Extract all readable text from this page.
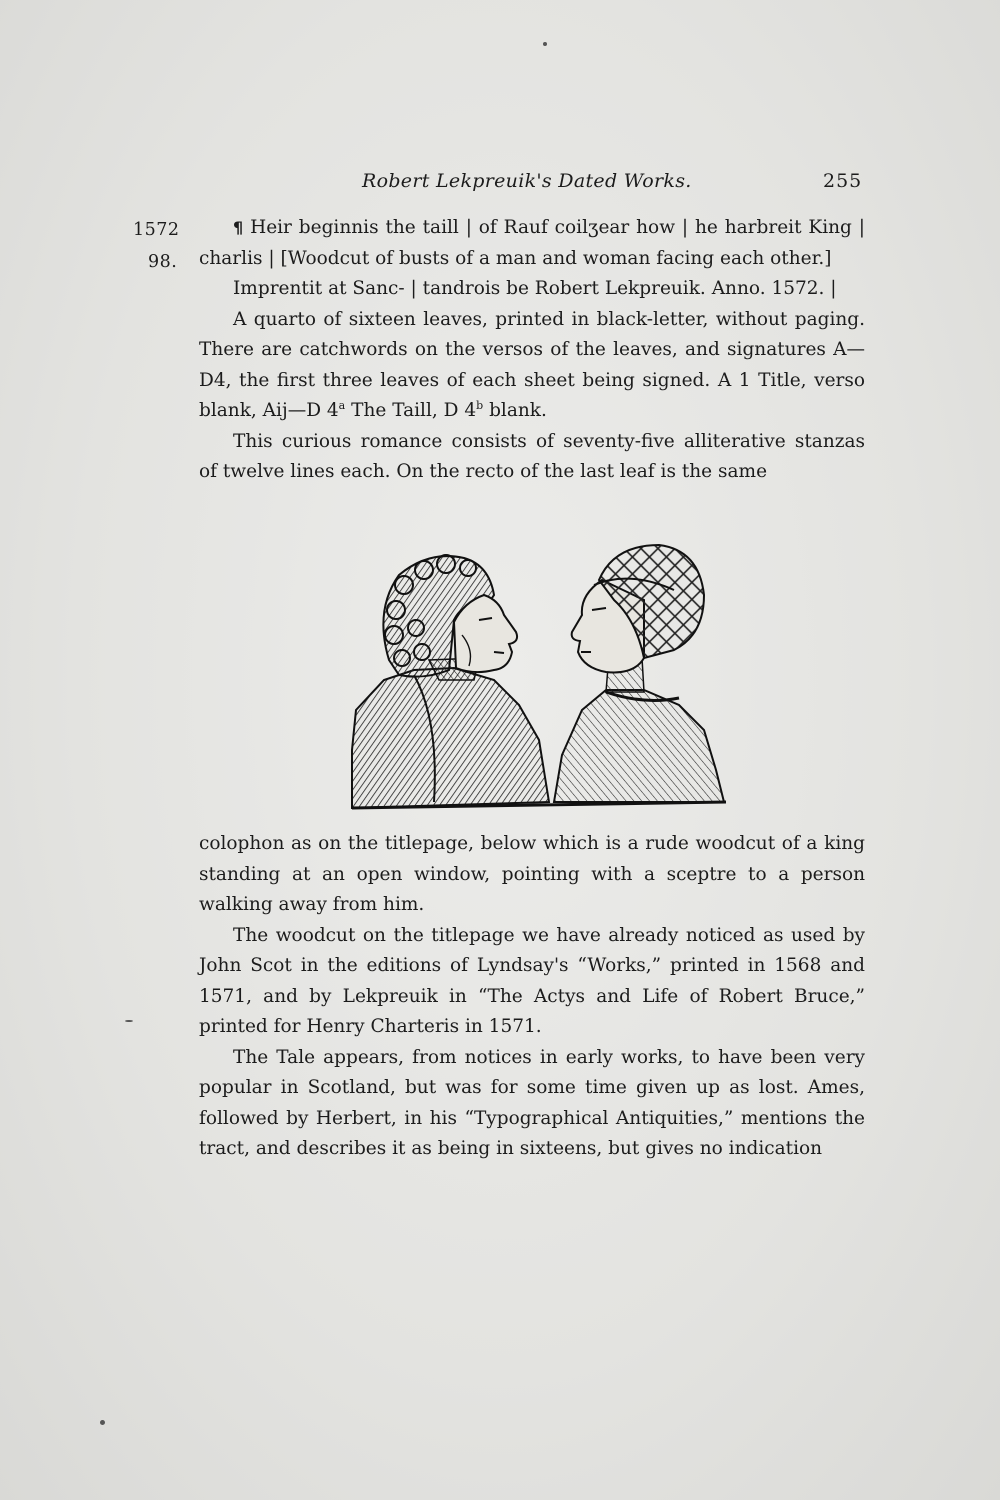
Robert Lekpreuik's Dated Works.	255
1572
98.

¶ Heir beginnis the taill | of Rauf coilʒear how | he harbreit King | charlis | [Woodcut of busts of a man and woman facing each other.]

Imprentit at Sanc- | tandrois be Robert Lekpreuik. Anno. 1572. |

A quarto of sixteen leaves, printed in black-letter, without paging. There are catchwords on the versos of the leaves, and signatures A—D4, the first three leaves of each sheet being signed. A 1 Title, verso blank, Aij—D 4$^a$ The Taill, D 4$^b$ blank.

This curious romance consists of seventy-five alliterative stanzas of twelve lines each. On the recto of the last leaf is the same

colophon as on the titlepage, below which is a rude woodcut of a king standing at an open window, pointing with a sceptre to a person walking away from him.

The woodcut on the titlepage we have already noticed as used by John Scot in the editions of Lyndsay's “Works,” printed in 1568 and 1571, and by Lekpreuik in “The Actys and Life of Robert Bruce,” printed for Henry Charteris in 1571.

The Tale appears, from notices in early works, to have been very popular in Scotland, but was for some time given up as lost. Ames, followed by Herbert, in his “Typographical Antiquities,” mentions the tract, and describes it as being in sixteens, but gives no indication
